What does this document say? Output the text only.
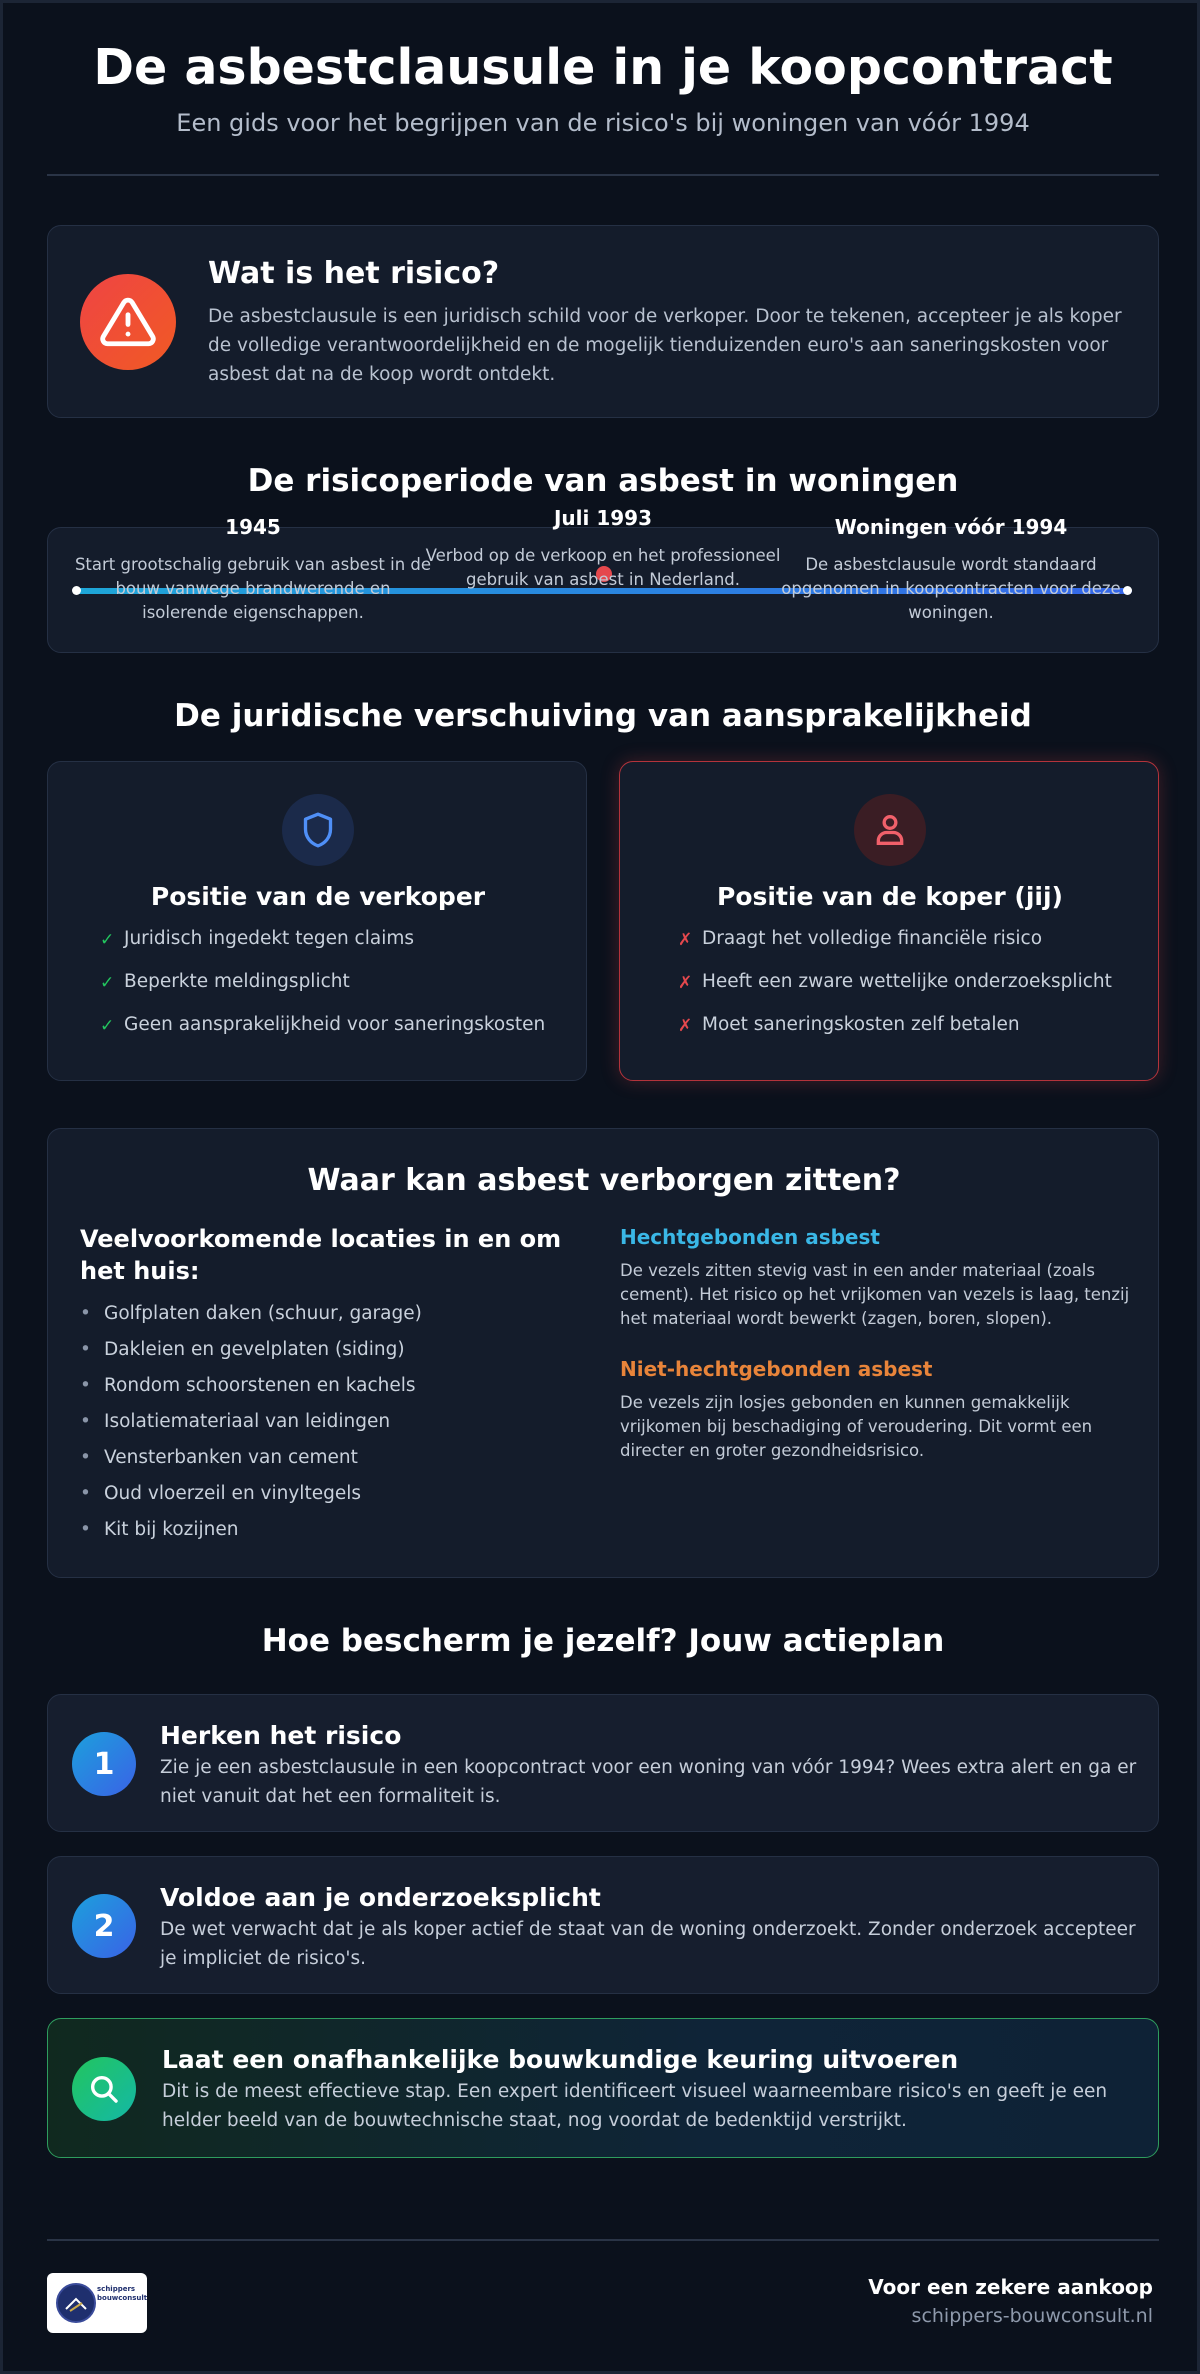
De asbestclausule in je koopcontract
Een gids voor het begrijpen van de risico's bij woningen van vóór 1994
Wat is het risico?
De asbestclausule is een juridisch schild voor de verkoper. Door te tekenen, accepteer je als koper de volledige verantwoordelijkheid en de mogelijk tienduizenden euro's aan saneringskosten voor asbest dat na de koop wordt ontdekt.
De risicoperiode van asbest in woningen
1945
Start grootschalig gebruik van asbest in de bouw vanwege brandwerende en isolerende eigenschappen.
Juli 1993
Verbod op de verkoop en het professioneel gebruik van asbest in Nederland.
Woningen vóór 1994
De asbestclausule wordt standaard opgenomen in koopcontracten voor deze woningen.
De juridische verschuiving van aansprakelijkheid
Positie van de verkoper
✓ Juridisch ingedekt tegen claims
✓ Beperkte meldingsplicht
✓ Geen aansprakelijkheid voor saneringskosten
Positie van de koper (jij)
✗ Draagt het volledige financiële risico
✗ Heeft een zware wettelijke onderzoeksplicht
✗ Moet saneringskosten zelf betalen
Waar kan asbest verborgen zitten?
Veelvoorkomende locaties in en om het huis:
• Golfplaten daken (schuur, garage)
• Dakleien en gevelplaten (siding)
• Rondom schoorstenen en kachels
• Isolatiemateriaal van leidingen
• Vensterbanken van cement
• Oud vloerzeil en vinyltegels
• Kit bij kozijnen
Hechtgebonden asbest
De vezels zitten stevig vast in een ander materiaal (zoals cement). Het risico op het vrijkomen van vezels is laag, tenzij het materiaal wordt bewerkt (zagen, boren, slopen).
Niet-hechtgebonden asbest
De vezels zijn losjes gebonden en kunnen gemakkelijk vrijkomen bij beschadiging of veroudering. Dit vormt een directer en groter gezondheidsrisico.
Hoe bescherm je jezelf? Jouw actieplan
1
Herken het risico
Zie je een asbestclausule in een koopcontract voor een woning van vóór 1994? Wees extra alert en ga er niet vanuit dat het een formaliteit is.
2
Voldoe aan je onderzoeksplicht
De wet verwacht dat je als koper actief de staat van de woning onderzoekt. Zonder onderzoek accepteer je impliciet de risico's.
Laat een onafhankelijke bouwkundige keuring uitvoeren
Dit is de meest effectieve stap. Een expert identificeert visueel waarneembare risico's en geeft je een helder beeld van de bouwtechnische staat, nog voordat de bedenktijd verstrijkt.
schippers bouwconsult	Voor een zekere aankoop
schippers-bouwconsult.nl
